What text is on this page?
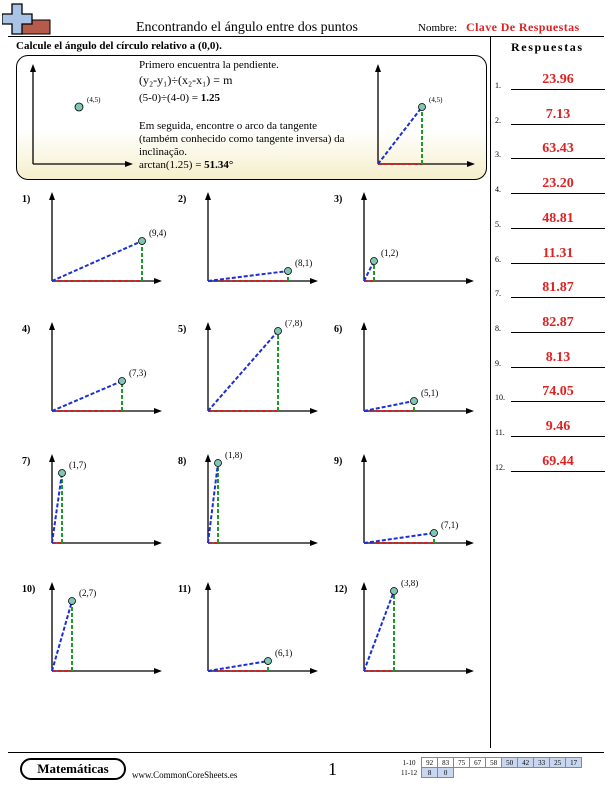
Encontrando el ángulo entre dos puntos	Nombre: Clave De Respuestas
Calcule el ángulo del círculo relativo a (0,0).	Respuestas
(4,5)	(4,5)
Primero encuentra la pendiente.
(y₂-y₁)÷(x₂-x₁) = m
(5-0)÷(4-0) = 1.25
Em seguida, encontre o arco da tangente
(também conhecido como tangente inversa) da
inclinação.
arctan(1.25) = 51.34°
1)
(9,4)
2)
(8,1)
3)
(1,2)
4)
(7,3)
5)
(7,8)
6)
(5,1)
7)	(1,7)	8)
(1,8)
9)
(7,1)
10)	(2,7)	11)
(6,1)
12)
(3,8)
1.	23.96
2.	7.13
3.	63.43
4.	23.20
5.	48.81
6.	11.31
7.	81.87
8.	82.87
9.	8.13
10.	74.05
11.	9.46
12.	69.44
Matemáticas	www.CommonCoreSheets.es	1	1-10	92	83	75	67	58	50	42	33	25	17
11-12	8	0								
